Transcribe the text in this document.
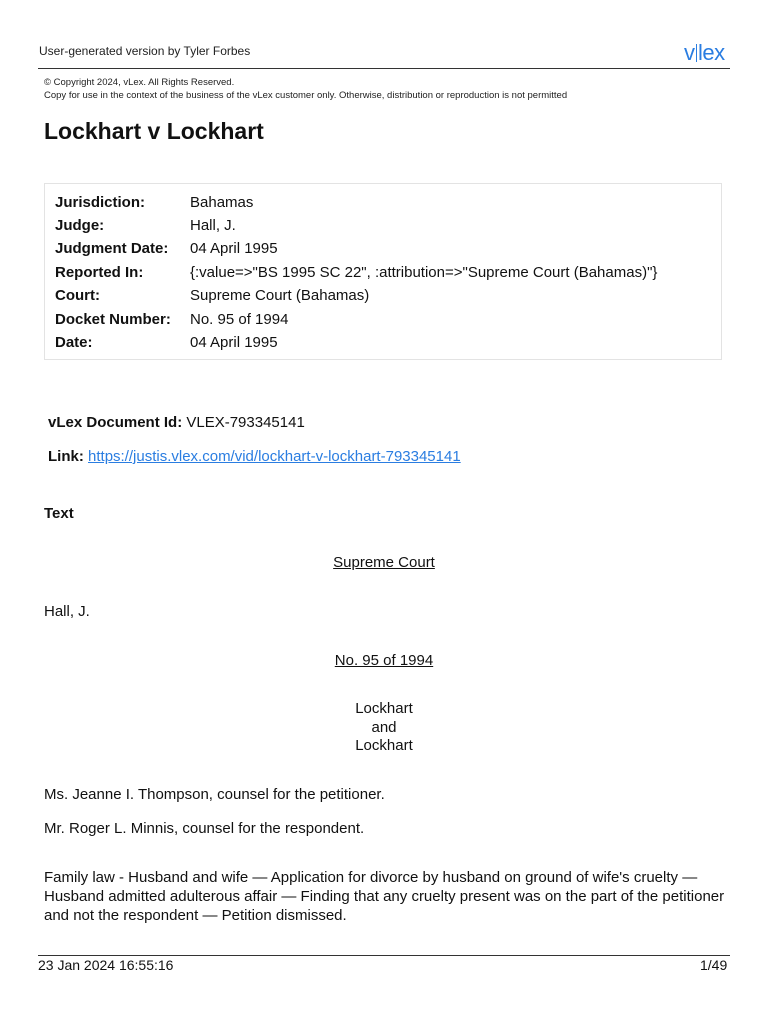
User-generated version by Tyler Forbes	v lex
© Copyright 2024, vLex. All Rights Reserved.
Copy for use in the context of the business of the vLex customer only. Otherwise, distribution or reproduction is not permitted
Lockhart v Lockhart
Jurisdiction:	Bahamas
Judge:	Hall, J.
Judgment Date: 04 April 1995
Reported In:	{:value=>"BS 1995 SC 22", :attribution=>"Supreme Court (Bahamas)"}
Court:	Supreme Court (Bahamas)
Docket Number: No. 95 of 1994
Date:	04 April 1995
vLex Document Id: VLEX-793345141
Link: https://justis.vlex.com/vid/lockhart-v-lockhart-793345141
Text
Supreme Court
Hall, J.
No. 95 of 1994
Lockhart
and
Lockhart
Ms. Jeanne I. Thompson, counsel for the petitioner.
Mr. Roger L. Minnis, counsel for the respondent.
Family law - Husband and wife — Application for divorce by husband on ground of wife's cruelty — Husband admitted adulterous affair — Finding that any cruelty present was on the part of the petitioner and not the respondent — Petition dismissed.
23 Jan 2024 16:55:16	1/49
